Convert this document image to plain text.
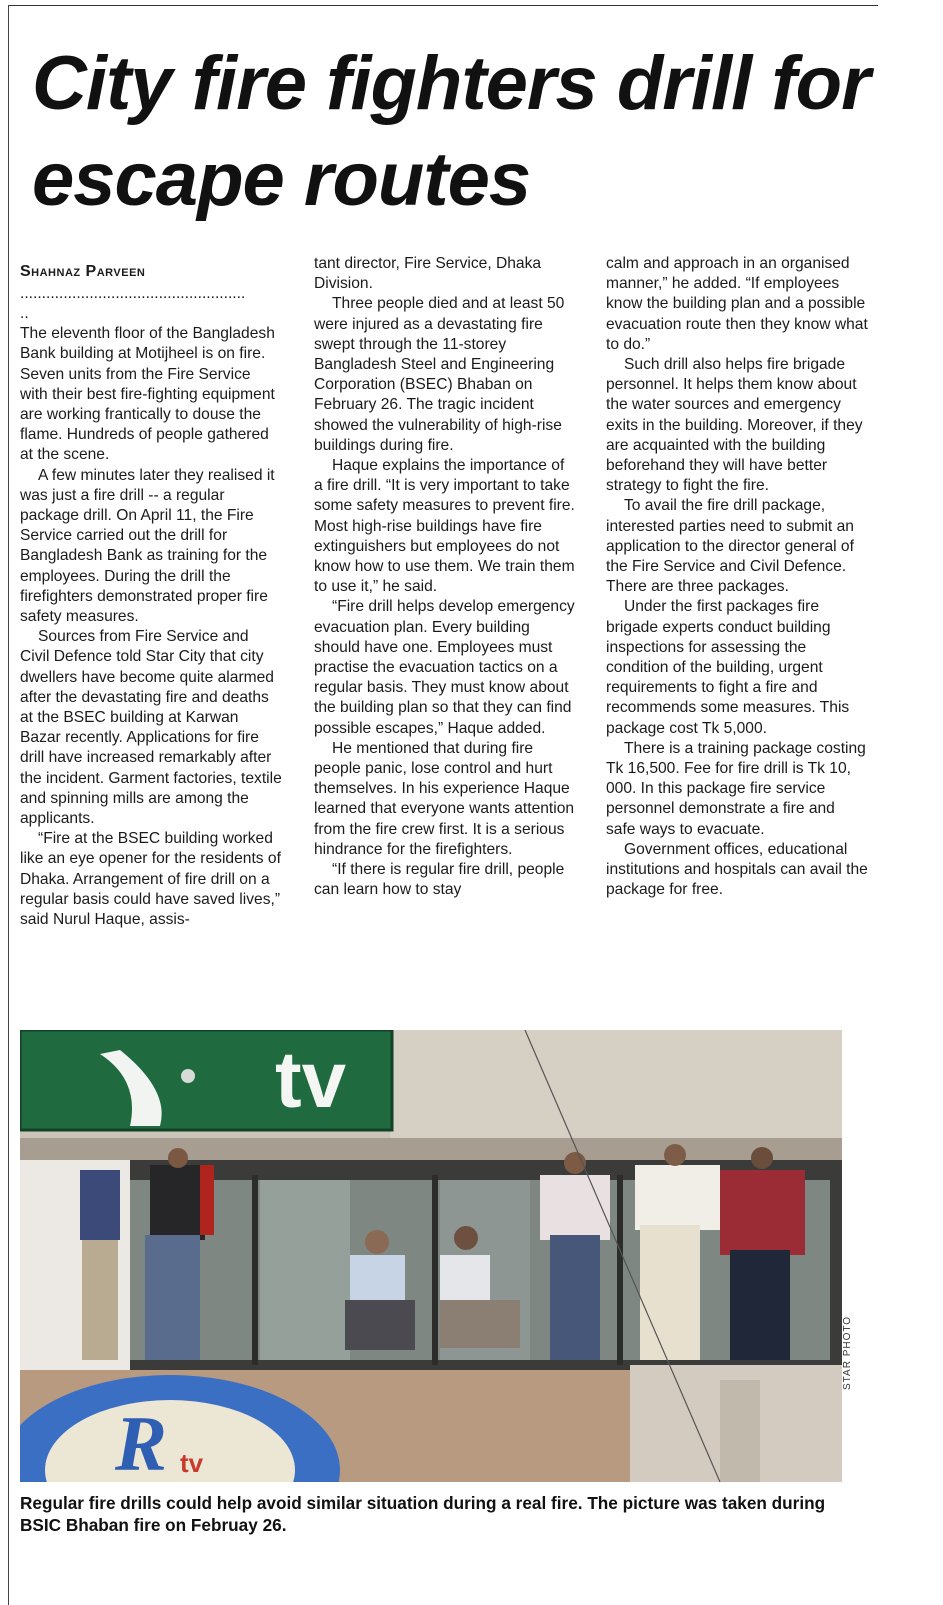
City fire fighters drill for escape routes
Shahnaz Parveen
....................................................
..

The eleventh floor of the Bangladesh Bank building at Motijheel is on fire. Seven units from the Fire Service with their best fire-fighting equipment are working frantically to douse the flame. Hundreds of people gathered at the scene.

A few minutes later they realised it was just a fire drill -- a regular package drill. On April 11, the Fire Service carried out the drill for Bangladesh Bank as training for the employees. During the drill the firefighters demonstrated proper fire safety measures.

Sources from Fire Service and Civil Defence told Star City that city dwellers have become quite alarmed after the devastating fire and deaths at the BSEC building at Karwan Bazar recently. Applications for fire drill have increased remarkably after the incident. Garment factories, textile and spinning mills are among the applicants.

“Fire at the BSEC building worked like an eye opener for the residents of Dhaka. Arrangement of fire drill on a regular basis could have saved lives,” said Nurul Haque, assis-

tant director, Fire Service, Dhaka Division.

Three people died and at least 50 were injured as a devastating fire swept through the 11-storey Bangladesh Steel and Engineering Corporation (BSEC) Bhaban on February 26. The tragic incident showed the vulnerability of high-rise buildings during fire.

Haque explains the importance of a fire drill. “It is very important to take some safety measures to prevent fire. Most high-rise buildings have fire extinguishers but employees do not know how to use them. We train them to use it,” he said.

“Fire drill helps develop emergency evacuation plan. Every building should have one. Employees must practise the evacuation tactics on a regular basis. They must know about the building plan so that they can find possible escapes,” Haque added.

He mentioned that during fire people panic, lose control and hurt themselves. In his experience Haque learned that everyone wants attention from the fire crew first. It is a serious hindrance for the firefighters.

“If there is regular fire drill, people can learn how to stay

calm and approach in an organised manner,” he added. “If employees know the building plan and a possible evacuation route then they know what to do.”

Such drill also helps fire brigade personnel. It helps them know about the water sources and emergency exits in the building. Moreover, if they are acquainted with the building beforehand they will have better strategy to fight the fire.

To avail the fire drill package, interested parties need to submit an application to the director general of the Fire Service and Civil Defence. There are three packages.

Under the first packages fire brigade experts conduct building inspections for assessing the condition of the building, urgent requirements to fight a fire and recommends some measures. This package cost Tk 5,000.

There is a training package costing Tk 16,500. Fee for fire drill is Tk 10, 000. In this package fire service personnel demonstrate a fire and safe ways to evacuate.

Government offices, educational institutions and hospitals can avail the package for free.

tv
R tv
STAR PHOTO

Regular fire drills could help avoid similar situation during a real fire. The picture was taken during BSIC Bhaban fire on Februay 26.
